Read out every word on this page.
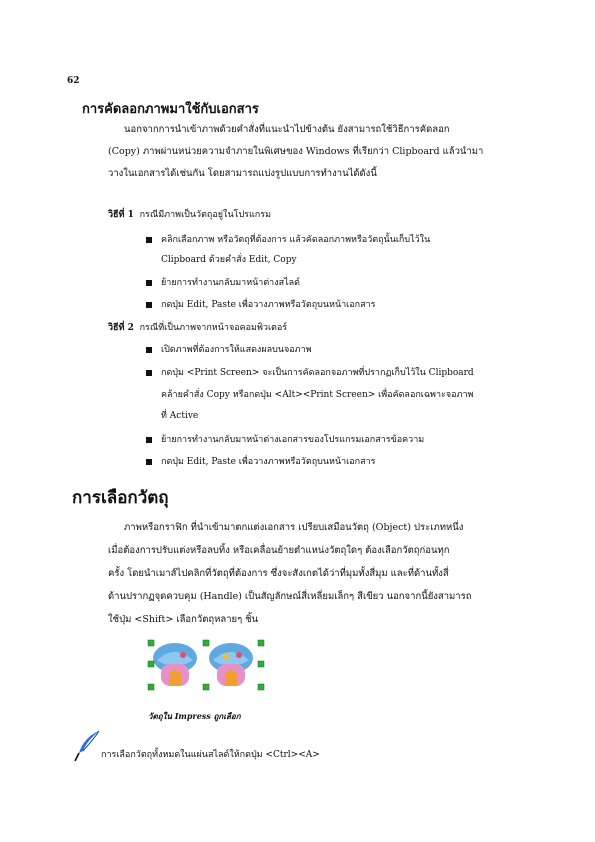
62
การคัดลอกภาพมาใช้กับเอกสาร
นอกจากการนำเข้าภาพด้วยคำสั่งที่แนะนำไปข้างต้น ยังสามารถใช้วิธีการคัดลอก
(Copy) ภาพผ่านหน่วยความจำภายในพิเศษของ Windows ที่เรียกว่า Clipboard แล้วนำมา
วางในเอกสารได้เช่นกัน โดยสามารถแบ่งรูปแบบการทำงานได้ดังนี้
วิธีที่ 1 กรณีมีภาพเป็นวัตถุอยู่ในโปรแกรม
คลิกเลือกภาพ หรือวัตถุที่ต้องการ แล้วคัดลอกภาพหรือวัตถุนั้นเก็บไว้ใน
Clipboard ด้วยคำสั่ง Edit, Copy
ย้ายการทำงานกลับมาหน้าต่างสไลด์
กดปุ่ม Edit, Paste เพื่อวางภาพหรือวัตถุบนหน้าเอกสาร
วิธีที่ 2 กรณีที่เป็นภาพจากหน้าจอคอมพิวเตอร์
เปิดภาพที่ต้องการให้แสดงผลบนจอภาพ
กดปุ่ม <Print Screen> จะเป็นการคัดลอกจอภาพที่ปรากฏเก็บไว้ใน Clipboard
คล้ายคำสั่ง Copy หรือกดปุ่ม <Alt><Print Screen> เพื่อคัดลอกเฉพาะจอภาพ
ที่ Active
ย้ายการทำงานกลับมาหน้าต่างเอกสารของโปรแกรมเอกสารข้อความ
กดปุ่ม Edit, Paste เพื่อวางภาพหรือวัตถุบนหน้าเอกสาร
การเลือกวัตถุ
ภาพหรือกราฟิก ที่นำเข้ามาตกแต่งเอกสาร เปรียบเสมือนวัตถุ (Object) ประเภทหนึ่ง
เมื่อต้องการปรับแต่งหรือลบทิ้ง หรือเคลื่อนย้ายตำแหน่งวัตถุใดๆ ต้องเลือกวัตถุก่อนทุก
ครั้ง โดยนำเมาส์ไปคลิกที่วัตถุที่ต้องการ ซึ่งจะสังเกตได้ว่าที่มุมทั้งสี่มุม และที่ด้านทั้งสี่
ด้านปรากฏจุดควบคุม (Handle) เป็นสัญลักษณ์สี่เหลี่ยมเล็กๆ สีเขียว นอกจากนี้ยังสามารถ
ใช้ปุ่ม <Shift> เลือกวัตถุหลายๆ ชิ้น
วัตถุใน Impress ถูกเลือก
การเลือกวัตถุทั้งหมดในแผ่นสไลด์ให้กดปุ่ม <Ctrl><A>
